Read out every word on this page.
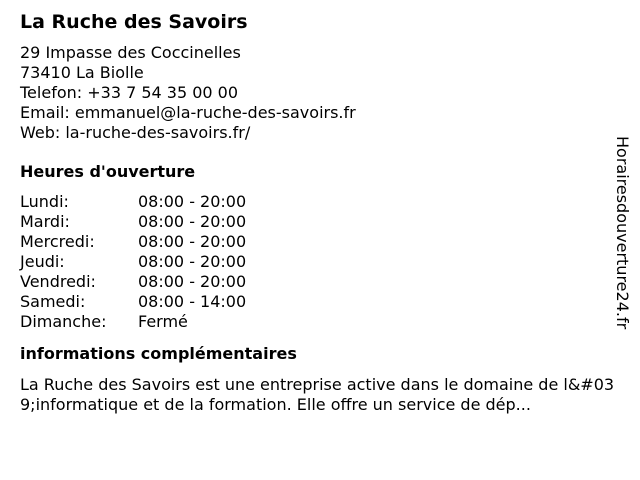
La Ruche des Savoirs
29 Impasse des Coccinelles
73410 La Biolle
Telefon: +33 7 54 35 00 00
Email: emmanuel@la-ruche-des-savoirs.fr
Web: la-ruche-des-savoirs.fr/
Heures d'ouverture
Lundi:	08:00 - 20:00
Mardi:	08:00 - 20:00
Mercredi:	08:00 - 20:00
Jeudi:	08:00 - 20:00
Vendredi:	08:00 - 20:00
Samedi:	08:00 - 14:00
Dimanche:	Fermé
informations complémentaires
La Ruche des Savoirs est une entreprise active dans le domaine de l&#039;informatique et de la formation. Elle offre un service de dép...
Horairesdouverture24.fr
